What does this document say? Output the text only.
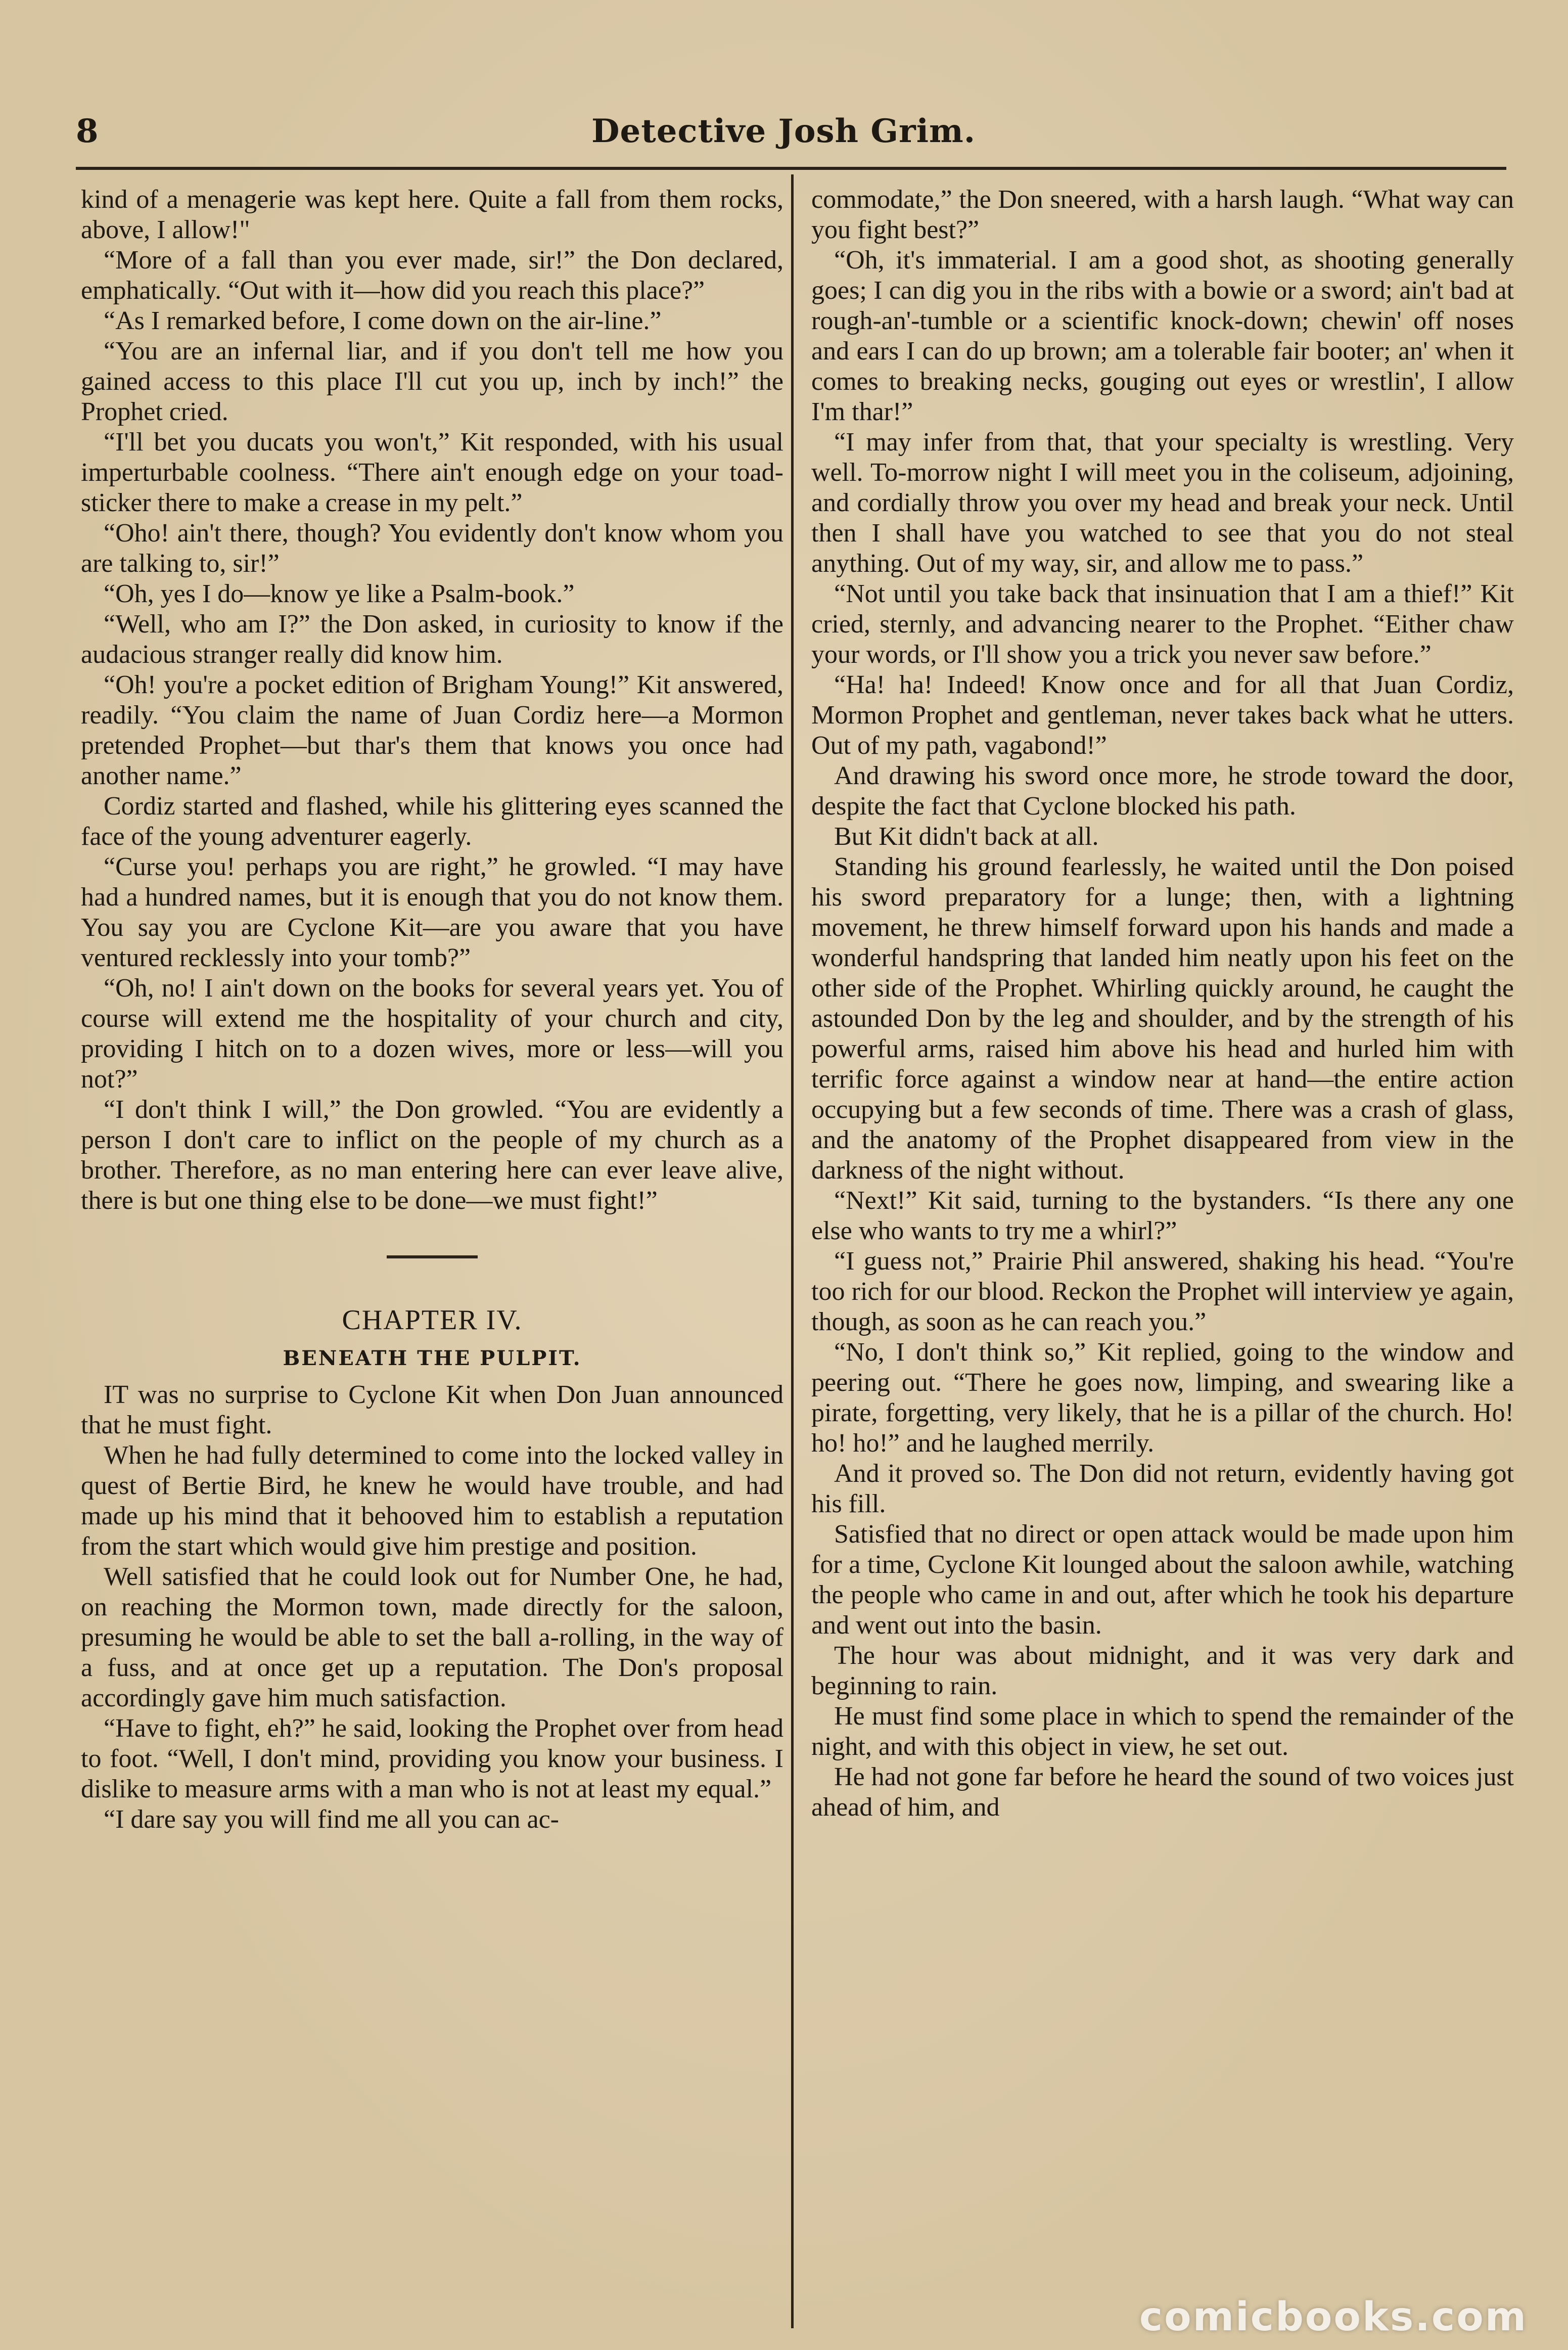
8	Detective Josh Grim.

kind of a menagerie was kept here. Quite a fall from them rocks, above, I allow!"

“More of a fall than you ever made, sir!” the Don declared, emphatically. “Out with it—how did you reach this place?”

“As I remarked before, I come down on the air-line.”

“You are an infernal liar, and if you don't tell me how you gained access to this place I'll cut you up, inch by inch!” the Prophet cried.

“I'll bet you ducats you won't,” Kit responded, with his usual imperturbable coolness. “There ain't enough edge on your toad-sticker there to make a crease in my pelt.”

“Oho! ain't there, though? You evidently don't know whom you are talking to, sir!”

“Oh, yes I do—know ye like a Psalm-book.”

“Well, who am I?” the Don asked, in curiosity to know if the audacious stranger really did know him.

“Oh! you're a pocket edition of Brigham Young!” Kit answered, readily. “You claim the name of Juan Cordiz here—a Mormon pretended Prophet—but thar's them that knows you once had another name.”

Cordiz started and flashed, while his glittering eyes scanned the face of the young adventurer eagerly.

“Curse you! perhaps you are right,” he growled. “I may have had a hundred names, but it is enough that you do not know them. You say you are Cyclone Kit—are you aware that you have ventured recklessly into your tomb?”

“Oh, no! I ain't down on the books for several years yet. You of course will extend me the hospitality of your church and city, providing I hitch on to a dozen wives, more or less—will you not?”

“I don't think I will,” the Don growled. “You are evidently a person I don't care to inflict on the people of my church as a brother. Therefore, as no man entering here can ever leave alive, there is but one thing else to be done—we must fight!”

CHAPTER IV.

BENEATH THE PULPIT.

IT was no surprise to Cyclone Kit when Don Juan announced that he must fight.

When he had fully determined to come into the locked valley in quest of Bertie Bird, he knew he would have trouble, and had made up his mind that it behooved him to establish a reputation from the start which would give him prestige and position.

Well satisfied that he could look out for Number One, he had, on reaching the Mormon town, made directly for the saloon, presuming he would be able to set the ball a-rolling, in the way of a fuss, and at once get up a reputation. The Don's proposal accordingly gave him much satisfaction.

“Have to fight, eh?” he said, looking the Prophet over from head to foot. “Well, I don't mind, providing you know your business. I dislike to measure arms with a man who is not at least my equal.”

“I dare say you will find me all you can ac-

commodate,” the Don sneered, with a harsh laugh. “What way can you fight best?”

“Oh, it's immaterial. I am a good shot, as shooting generally goes; I can dig you in the ribs with a bowie or a sword; ain't bad at rough-an'-tumble or a scientific knock-down; chewin' off noses and ears I can do up brown; am a tolerable fair booter; an' when it comes to breaking necks, gouging out eyes or wrestlin', I allow I'm thar!”

“I may infer from that, that your specialty is wrestling. Very well. To-morrow night I will meet you in the coliseum, adjoining, and cordially throw you over my head and break your neck. Until then I shall have you watched to see that you do not steal anything. Out of my way, sir, and allow me to pass.”

“Not until you take back that insinuation that I am a thief!” Kit cried, sternly, and advancing nearer to the Prophet. “Either chaw your words, or I'll show you a trick you never saw before.”

“Ha! ha! Indeed! Know once and for all that Juan Cordiz, Mormon Prophet and gentleman, never takes back what he utters. Out of my path, vagabond!”

And drawing his sword once more, he strode toward the door, despite the fact that Cyclone blocked his path.

But Kit didn't back at all.

Standing his ground fearlessly, he waited until the Don poised his sword preparatory for a lunge; then, with a lightning movement, he threw himself forward upon his hands and made a wonderful handspring that landed him neatly upon his feet on the other side of the Prophet. Whirling quickly around, he caught the astounded Don by the leg and shoulder, and by the strength of his powerful arms, raised him above his head and hurled him with terrific force against a window near at hand—the entire action occupying but a few seconds of time. There was a crash of glass, and the anatomy of the Prophet disappeared from view in the darkness of the night without.

“Next!” Kit said, turning to the bystanders. “Is there any one else who wants to try me a whirl?”

“I guess not,” Prairie Phil answered, shaking his head. “You're too rich for our blood. Reckon the Prophet will interview ye again, though, as soon as he can reach you.”

“No, I don't think so,” Kit replied, going to the window and peering out. “There he goes now, limping, and swearing like a pirate, forgetting, very likely, that he is a pillar of the church. Ho! ho! ho!” and he laughed merrily.

And it proved so. The Don did not return, evidently having got his fill.

Satisfied that no direct or open attack would be made upon him for a time, Cyclone Kit lounged about the saloon awhile, watching the people who came in and out, after which he took his departure and went out into the basin.

The hour was about midnight, and it was very dark and beginning to rain.

He must find some place in which to spend the remainder of the night, and with this object in view, he set out.

He had not gone far before he heard the sound of two voices just ahead of him, and

comicbooks.com
